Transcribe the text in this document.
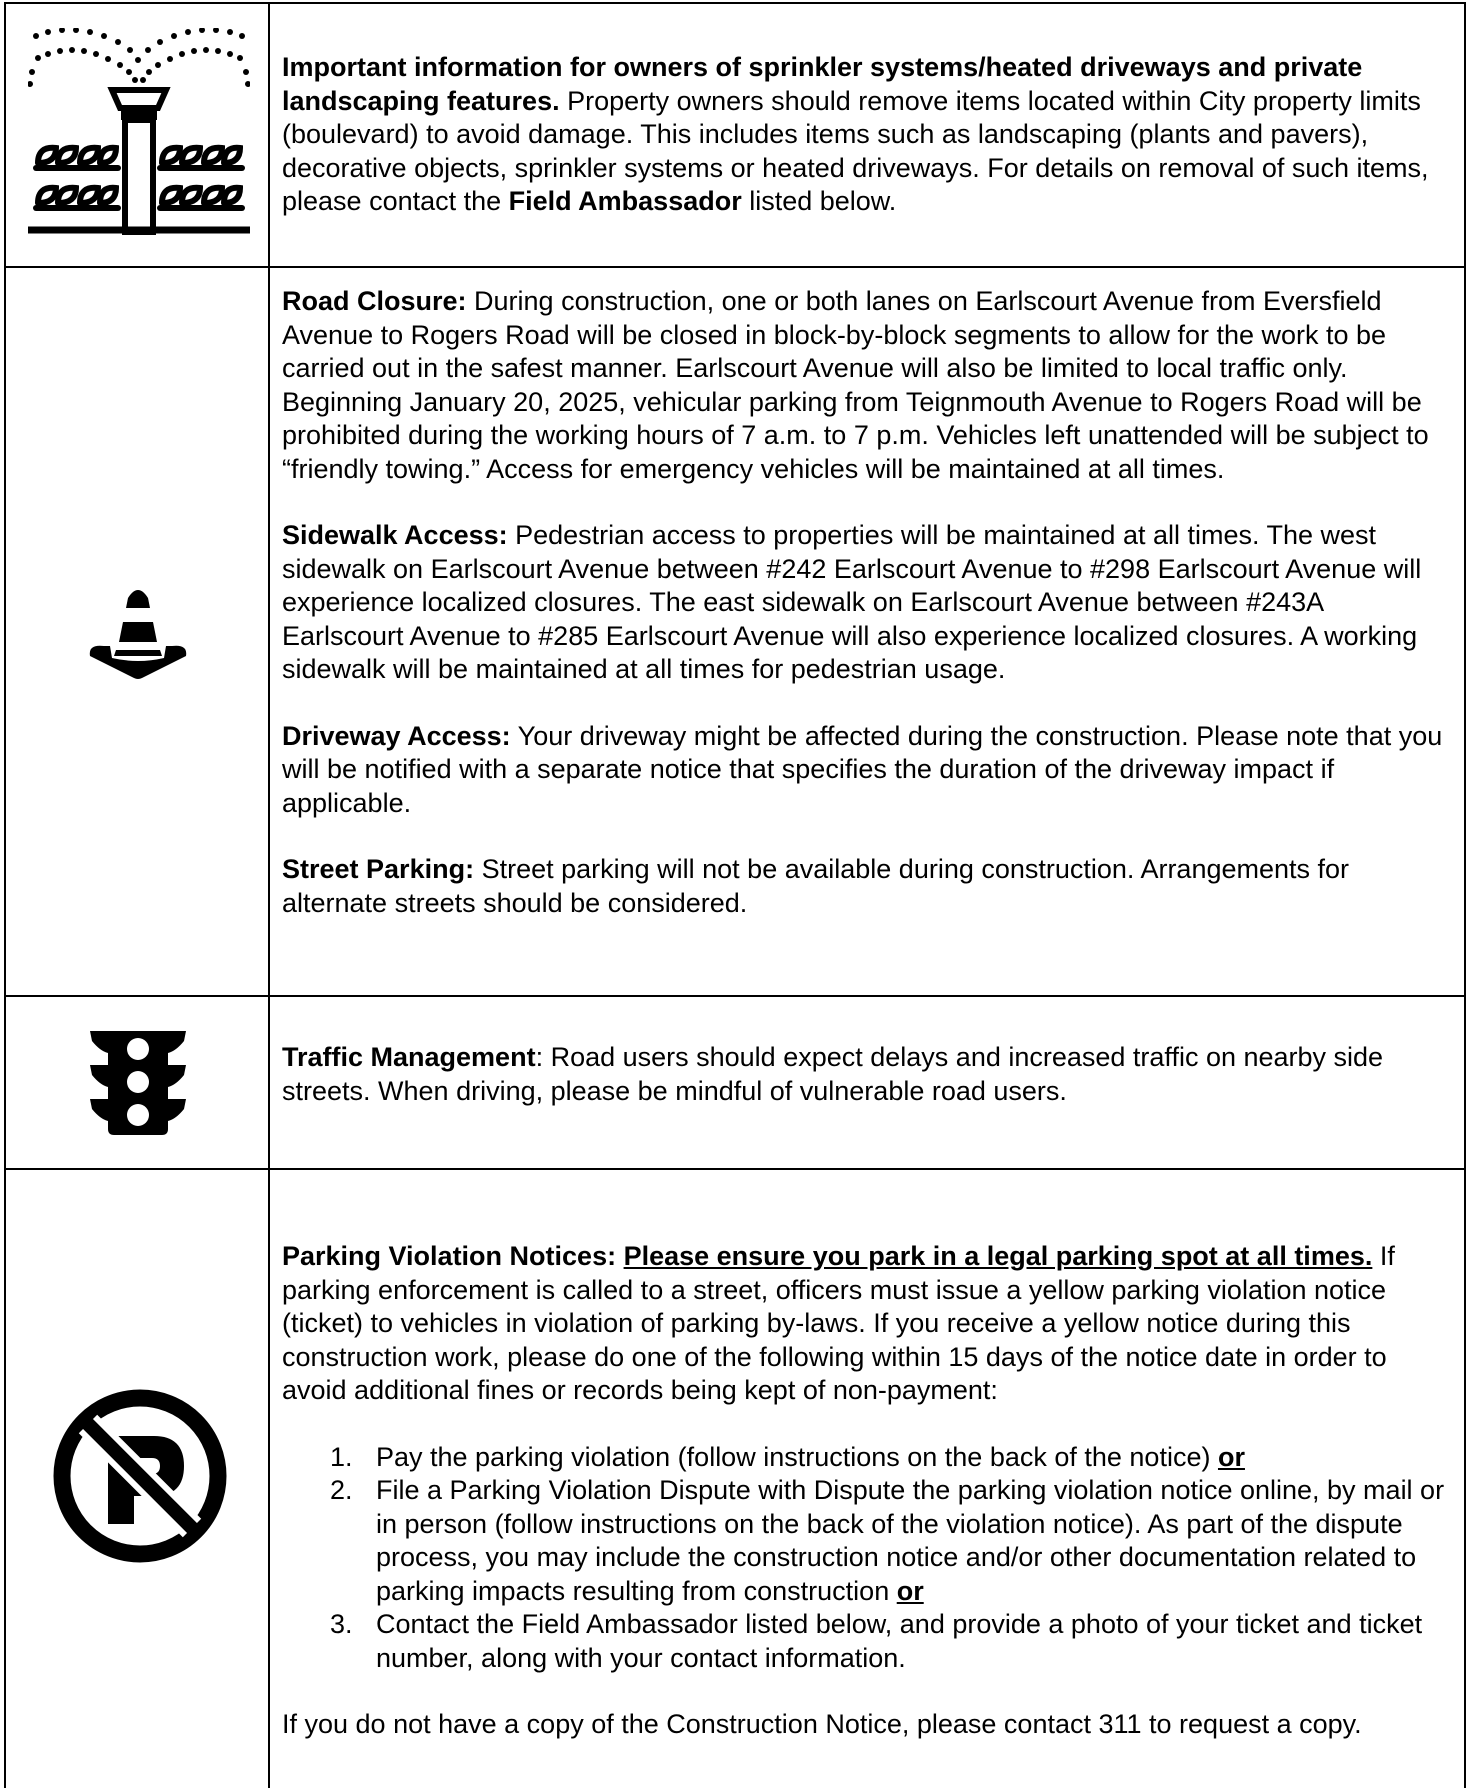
Important information for owners of sprinkler systems/heated driveways and private landscaping features. Property owners should remove items located within City property limits (boulevard) to avoid damage. This includes items such as landscaping (plants and pavers), decorative objects, sprinkler systems or heated driveways. For details on removal of such items, please contact the Field Ambassador listed below.

Road Closure: During construction, one or both lanes on Earlscourt Avenue from Eversfield Avenue to Rogers Road will be closed in block-by-block segments to allow for the work to be carried out in the safest manner. Earlscourt Avenue will also be limited to local traffic only. Beginning January 20, 2025, vehicular parking from Teignmouth Avenue to Rogers Road will be prohibited during the working hours of 7 a.m. to 7 p.m. Vehicles left unattended will be subject to “friendly towing.” Access for emergency vehicles will be maintained at all times.

Sidewalk Access: Pedestrian access to properties will be maintained at all times. The west sidewalk on Earlscourt Avenue between #242 Earlscourt Avenue to #298 Earlscourt Avenue will experience localized closures. The east sidewalk on Earlscourt Avenue between #243A Earlscourt Avenue to #285 Earlscourt Avenue will also experience localized closures. A working sidewalk will be maintained at all times for pedestrian usage.

Driveway Access: Your driveway might be affected during the construction. Please note that you will be notified with a separate notice that specifies the duration of the driveway impact if applicable.

Street Parking: Street parking will not be available during construction. Arrangements for alternate streets should be considered.

Traffic Management: Road users should expect delays and increased traffic on nearby side streets. When driving, please be mindful of vulnerable road users.

Parking Violation Notices: Please ensure you park in a legal parking spot at all times. If parking enforcement is called to a street, officers must issue a yellow parking violation notice (ticket) to vehicles in violation of parking by-laws. If you receive a yellow notice during this construction work, please do one of the following within 15 days of the notice date in order to avoid additional fines or records being kept of non-payment:

1. Pay the parking violation (follow instructions on the back of the notice) or
2. File a Parking Violation Dispute with Dispute the parking violation notice online, by mail or in person (follow instructions on the back of the violation notice). As part of the dispute process, you may include the construction notice and/or other documentation related to parking impacts resulting from construction or
3. Contact the Field Ambassador listed below, and provide a photo of your ticket and ticket number, along with your contact information.

If you do not have a copy of the Construction Notice, please contact 311 to request a copy.
